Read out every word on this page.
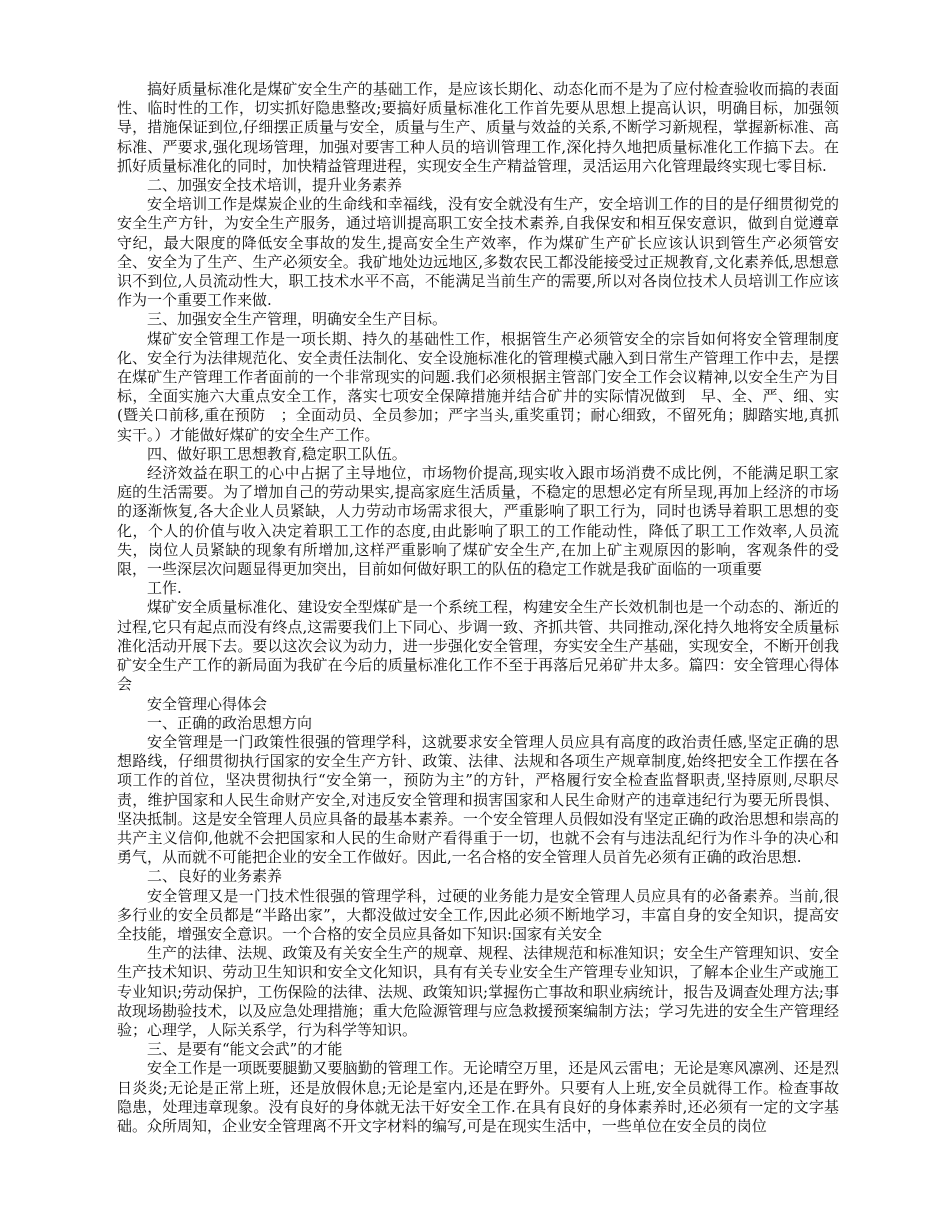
搞好质量标准化是煤矿安全生产的基础工作，是应该长期化、动态化而不是为了应付检查验收而搞的表面性、临时性的工作，切实抓好隐患整改;要搞好质量标准化工作首先要从思想上提高认识，明确目标，加强领导，措施保证到位,仔细摆正质量与安全，质量与生产、质量与效益的关系,不断学习新规程，掌握新标准、高标准、严要求,强化现场管理，加强对要害工种人员的培训管理工作,深化持久地把质量标准化工作搞下去。在抓好质量标准化的同时，加快精益管理进程，实现安全生产精益管理，灵活运用六化管理最终实现七零目标.

二、加强安全技术培训，提升业务素养

安全培训工作是煤炭企业的生命线和幸福线，没有安全就没有生产，安全培训工作的目的是仔细贯彻党的安全生产方针，为安全生产服务，通过培训提高职工安全技术素养,自我保安和相互保安意识，做到自觉遵章守纪，最大限度的降低安全事故的发生,提高安全生产效率，作为煤矿生产矿长应该认识到管生产必须管安全、安全为了生产、生产必须安全。我矿地处边远地区,多数农民工都没能接受过正规教育,文化素养低,思想意识不到位,人员流动性大，职工技术水平不高，不能满足当前生产的需要,所以对各岗位技术人员培训工作应该作为一个重要工作来做.

三、加强安全生产管理，明确安全生产目标。

煤矿安全管理工作是一项长期、持久的基础性工作，根据管生产必须管安全的宗旨如何将安全管理制度化、安全行为法律规范化、安全责任法制化、安全设施标准化的管理模式融入到日常生产管理工作中去，是摆在煤矿生产管理工作者面前的一个非常现实的问题.我们必须根据主管部门安全工作会议精神,以安全生产为目标，全面实施六大重点安全工作，落实七项安全保障措施并结合矿井的实际情况做到　早、全、严、细、实　(暨关口前移,重在预防　；全面动员、全员参加；严字当头,重奖重罚；耐心细致，不留死角；脚踏实地,真抓实干。）才能做好煤矿的安全生产工作。

四、做好职工思想教育,稳定职工队伍。

经济效益在职工的心中占据了主导地位，市场物价提高,现实收入跟市场消费不成比例，不能满足职工家庭的生活需要。为了增加自己的劳动果实,提高家庭生活质量，不稳定的思想必定有所呈现,再加上经济的市场的逐渐恢复,各大企业人员紧缺，人力劳动市场需求很大，严重影响了职工行为，同时也诱导着职工思想的变化，个人的价值与收入决定着职工工作的态度,由此影响了职工的工作能动性，降低了职工工作效率,人员流失，岗位人员紧缺的现象有所增加,这样严重影响了煤矿安全生产,在加上矿主观原因的影响，客观条件的受限，一些深层次问题显得更加突出，目前如何做好职工的队伍的稳定工作就是我矿面临的一项重要

工作.

煤矿安全质量标准化、建设安全型煤矿是一个系统工程，构建安全生产长效机制也是一个动态的、渐近的过程,它只有起点而没有终点,这需要我们上下同心、步调一致、齐抓共管、共同推动,深化持久地将安全质量标准化活动开展下去。要以这次会议为动力，进一步强化安全管理，夯实安全生产基础，实现安全，不断开创我矿安全生产工作的新局面为我矿在今后的质量标准化工作不至于再落后兄弟矿井太多。篇四：安全管理心得体会

安全管理心得体会

一、正确的政治思想方向

安全管理是一门政策性很强的管理学科，这就要求安全管理人员应具有高度的政治责任感,坚定正确的思想路线，仔细贯彻执行国家的安全生产方针、政策、法律、法规和各项生产规章制度,始终把安全工作摆在各项工作的首位，坚决贯彻执行“安全第一，预防为主”的方针，严格履行安全检查监督职责,坚持原则,尽职尽责，维护国家和人民生命财产安全,对违反安全管理和损害国家和人民生命财产的违章违纪行为要无所畏惧、坚决抵制。这是安全管理人员应具备的最基本素养。一个安全管理人员假如没有坚定正确的政治思想和崇高的共产主义信仰,他就不会把国家和人民的生命财产看得重于一切，也就不会有与违法乱纪行为作斗争的决心和勇气，从而就不可能把企业的安全工作做好。因此,一名合格的安全管理人员首先必须有正确的政治思想.

二、良好的业务素养

安全管理又是一门技术性很强的管理学科，过硬的业务能力是安全管理人员应具有的必备素养。当前,很多行业的安全员都是“半路出家”，大都没做过安全工作,因此必须不断地学习，丰富自身的安全知识，提高安全技能，增强安全意识。一个合格的安全员应具备如下知识:国家有关安全

生产的法律、法规、政策及有关安全生产的规章、规程、法律规范和标准知识；安全生产管理知识、安全生产技术知识、劳动卫生知识和安全文化知识，具有有关专业安全生产管理专业知识，了解本企业生产或施工专业知识;劳动保护，工伤保险的法律、法规、政策知识;掌握伤亡事故和职业病统计，报告及调查处理方法;事故现场勘验技术，以及应急处理措施；重大危险源管理与应急救援预案编制方法；学习先进的安全生产管理经验；心理学，人际关系学，行为科学等知识。

三、是要有“能文会武”的才能

安全工作是一项既要腿勤又要脑勤的管理工作。无论晴空万里，还是风云雷电；无论是寒风凛冽、还是烈日炎炎;无论是正常上班，还是放假休息;无论是室内,还是在野外。只要有人上班,安全员就得工作。检查事故隐患，处理违章现象。没有良好的身体就无法干好安全工作.在具有良好的身体素养时,还必须有一定的文字基础。众所周知，企业安全管理离不开文字材料的编写,可是在现实生活中，一些单位在安全员的岗位
